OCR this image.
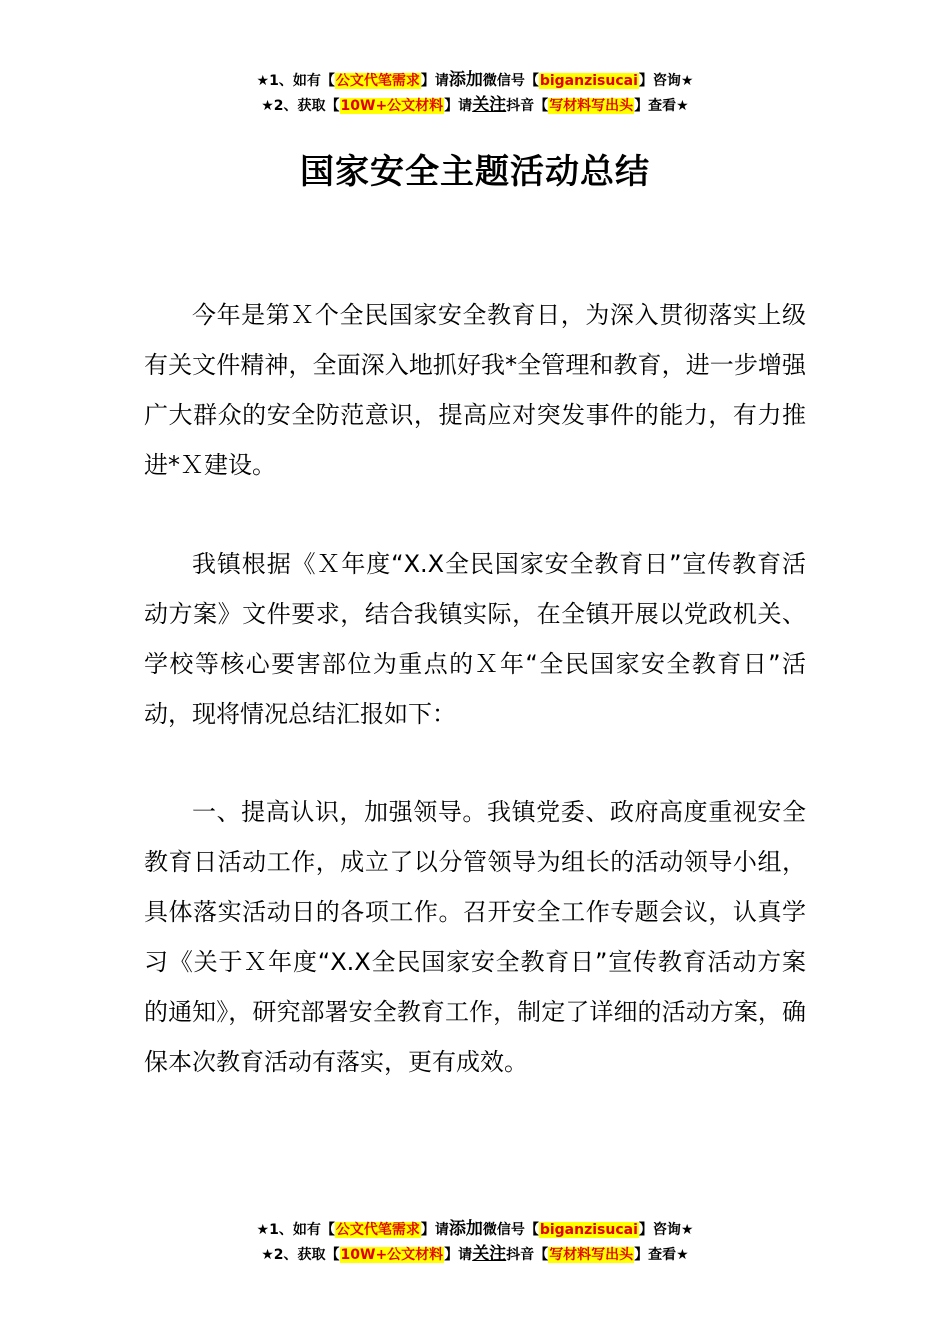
★1、如有【公文代笔需求】请添加微信号【biganzisucai】咨询★
★2、获取【10W+公文材料】请关注抖音【写材料写出头】查看★
国家安全主题活动总结

今年是第Ｘ个全民国家安全教育日，为深入贯彻落实上级有关文件精神，全面深入地抓好我*全管理和教育，进一步增强广大群众的安全防范意识，提高应对突发事件的能力，有力推进*Ｘ建设。

我镇根据《Ｘ年度“X.X全民国家安全教育日”宣传教育活动方案》文件要求，结合我镇实际，在全镇开展以党政机关、学校等核心要害部位为重点的Ｘ年“全民国家安全教育日”活动，现将情况总结汇报如下：

一、提高认识，加强领导。我镇党委、政府高度重视安全教育日活动工作，成立了以分管领导为组长的活动领导小组，具体落实活动日的各项工作。召开安全工作专题会议，认真学习《关于Ｘ年度“X.X全民国家安全教育日”宣传教育活动方案的通知》，研究部署安全教育工作，制定了详细的活动方案，确保本次教育活动有落实，更有成效。

★1、如有【公文代笔需求】请添加微信号【biganzisucai】咨询★
★2、获取【10W+公文材料】请关注抖音【写材料写出头】查看★
